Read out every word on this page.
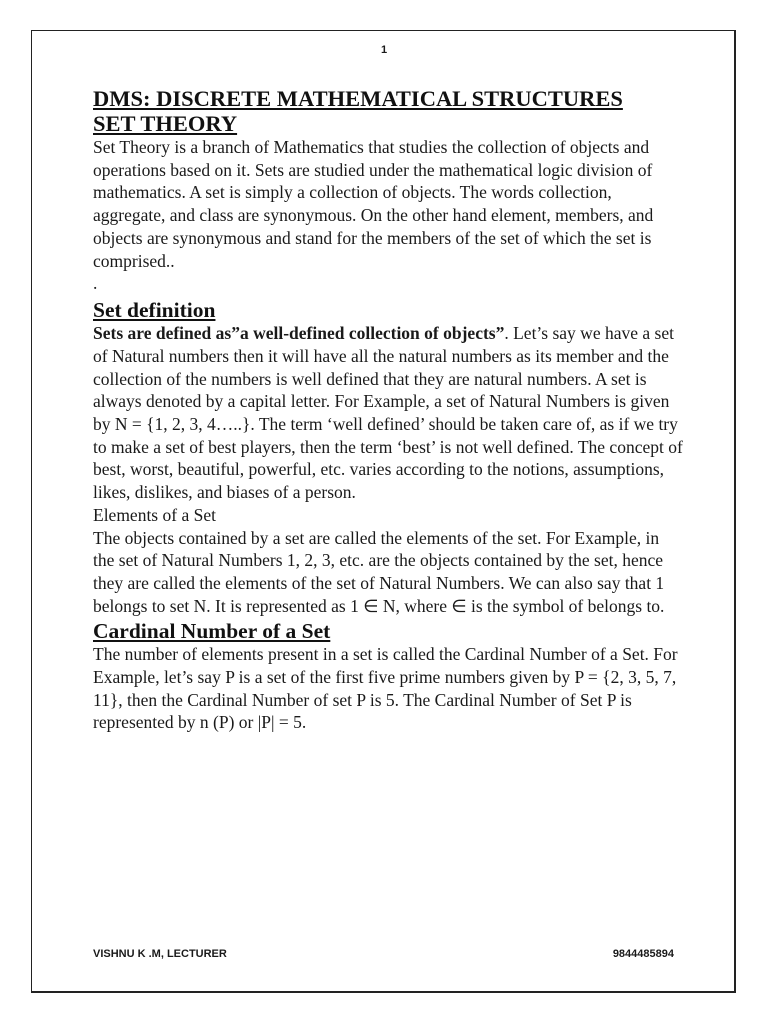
1

DMS: DISCRETE MATHEMATICAL STRUCTURES

SET THEORY

Set Theory is a branch of Mathematics that studies the collection of objects and operations based on it. Sets are studied under the mathematical logic division of mathematics. A set is simply a collection of objects. The words collection, aggregate, and class are synonymous. On the other hand element, members, and objects are synonymous and stand for the members of the set of which the set is comprised..

.

Set definition

Sets are defined as”a well-defined collection of objects”. Let’s say we have a set of Natural numbers then it will have all the natural numbers as its member and the collection of the numbers is well defined that they are natural numbers. A set is always denoted by a capital letter. For Example, a set of Natural Numbers is given by N = {1, 2, 3, 4…..}. The term ‘well defined’ should be taken care of, as if we try to make a set of best players, then the term ‘best’ is not well defined. The concept of best, worst, beautiful, powerful, etc. varies according to the notions, assumptions, likes, dislikes, and biases of a person.

Elements of a Set

The objects contained by a set are called the elements of the set. For Example, in the set of Natural Numbers 1, 2, 3, etc. are the objects contained by the set, hence they are called the elements of the set of Natural Numbers. We can also say that 1 belongs to set N. It is represented as 1 ∈ N, where ∈ is the symbol of belongs to.

Cardinal Number of a Set

The number of elements present in a set is called the Cardinal Number of a Set. For Example, let’s say P is a set of the first five prime numbers given by P = {2, 3, 5, 7, 11}, then the Cardinal Number of set P is 5. The Cardinal Number of Set P is represented by n (P) or |P| = 5.

VISHNU K .M, LECTURER	9844485894
